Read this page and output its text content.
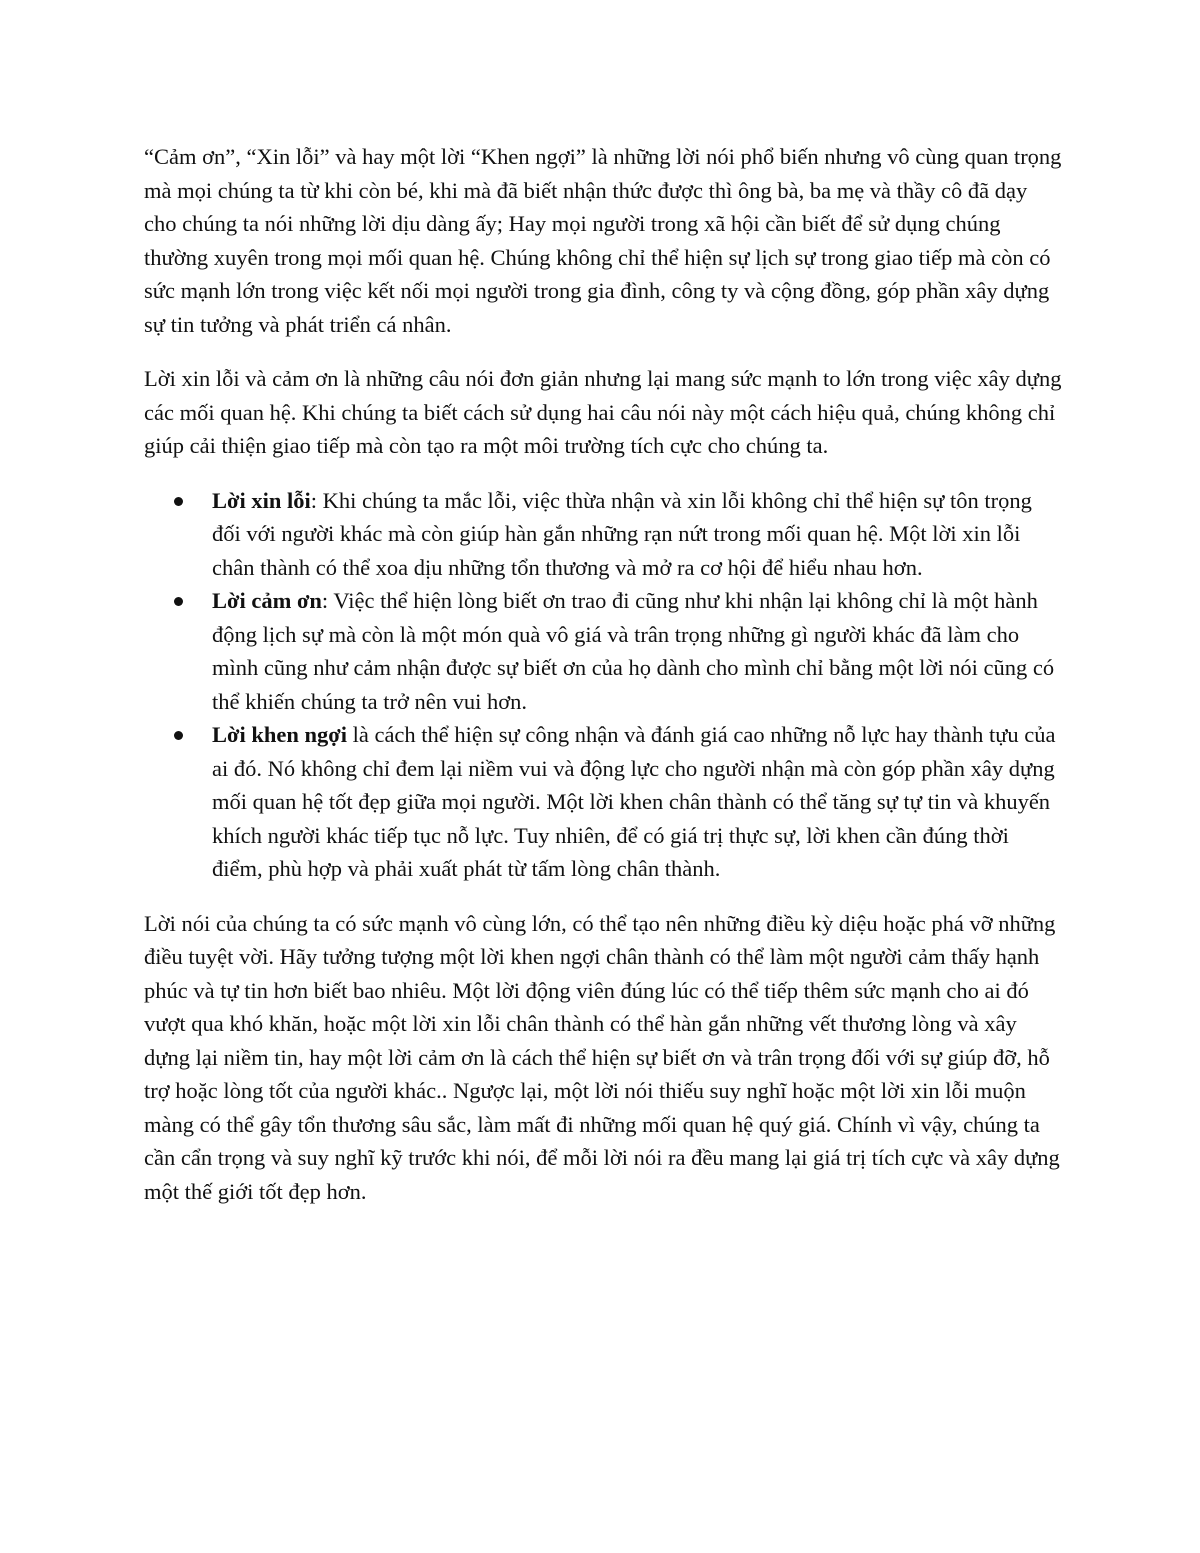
“Cảm ơn”, “Xin lỗi” và hay một lời “Khen ngợi” là những lời nói phổ biến nhưng vô cùng quan trọng mà mọi chúng ta từ khi còn bé, khi mà đã biết nhận thức được thì ông bà, ba mẹ và thầy cô đã dạy cho chúng ta nói những lời dịu dàng ấy; Hay mọi người trong xã hội cần biết để sử dụng chúng thường xuyên trong mọi mối quan hệ. Chúng không chỉ thể hiện sự lịch sự trong giao tiếp mà còn có sức mạnh lớn trong việc kết nối mọi người trong gia đình, công ty và cộng đồng, góp phần xây dựng sự tin tưởng và phát triển cá nhân.

Lời xin lỗi và cảm ơn là những câu nói đơn giản nhưng lại mang sức mạnh to lớn trong việc xây dựng các mối quan hệ. Khi chúng ta biết cách sử dụng hai câu nói này một cách hiệu quả, chúng không chỉ giúp cải thiện giao tiếp mà còn tạo ra một môi trường tích cực cho chúng ta.

Lời xin lỗi: Khi chúng ta mắc lỗi, việc thừa nhận và xin lỗi không chỉ thể hiện sự tôn trọng đối với người khác mà còn giúp hàn gắn những rạn nứt trong mối quan hệ. Một lời xin lỗi chân thành có thể xoa dịu những tổn thương và mở ra cơ hội để hiểu nhau hơn.
Lời cảm ơn: Việc thể hiện lòng biết ơn trao đi cũng như khi nhận lại không chỉ là một hành động lịch sự mà còn là một món quà vô giá và trân trọng những gì người khác đã làm cho mình cũng như cảm nhận được sự biết ơn của họ dành cho mình chỉ bằng một lời nói cũng có thể khiến chúng ta trở nên vui hơn.
Lời khen ngợi là cách thể hiện sự công nhận và đánh giá cao những nỗ lực hay thành tựu của ai đó. Nó không chỉ đem lại niềm vui và động lực cho người nhận mà còn góp phần xây dựng mối quan hệ tốt đẹp giữa mọi người. Một lời khen chân thành có thể tăng sự tự tin và khuyến khích người khác tiếp tục nỗ lực. Tuy nhiên, để có giá trị thực sự, lời khen cần đúng thời điểm, phù hợp và phải xuất phát từ tấm lòng chân thành.

Lời nói của chúng ta có sức mạnh vô cùng lớn, có thể tạo nên những điều kỳ diệu hoặc phá vỡ những điều tuyệt vời. Hãy tưởng tượng một lời khen ngợi chân thành có thể làm một người cảm thấy hạnh phúc và tự tin hơn biết bao nhiêu. Một lời động viên đúng lúc có thể tiếp thêm sức mạnh cho ai đó vượt qua khó khăn, hoặc một lời xin lỗi chân thành có thể hàn gắn những vết thương lòng và xây dựng lại niềm tin, hay một lời cảm ơn là cách thể hiện sự biết ơn và trân trọng đối với sự giúp đỡ, hỗ trợ hoặc lòng tốt của người khác.. Ngược lại, một lời nói thiếu suy nghĩ hoặc một lời xin lỗi muộn màng có thể gây tổn thương sâu sắc, làm mất đi những mối quan hệ quý giá. Chính vì vậy, chúng ta cần cẩn trọng và suy nghĩ kỹ trước khi nói, để mỗi lời nói ra đều mang lại giá trị tích cực và xây dựng một thế giới tốt đẹp hơn.
